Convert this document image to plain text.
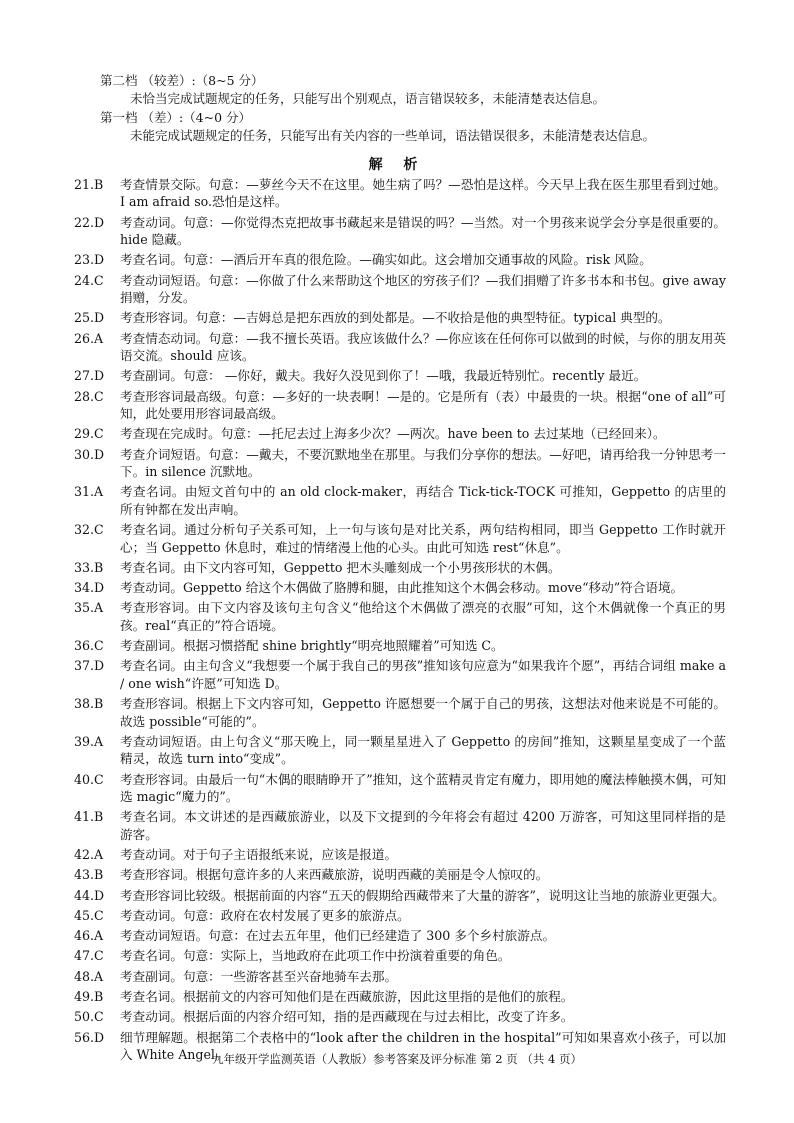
第二档 （较差）:（8~5 分）

未恰当完成试题规定的任务，只能写出个别观点，语言错误较多，未能清楚表达信息。

第一档 （差）:（4~0 分）

未能完成试题规定的任务，只能写出有关内容的一些单词，语法错误很多，未能清楚表达信息。

解 析
21.B	考查情景交际。句意：—萝丝今天不在这里。她生病了吗？—恐怕是这样。今天早上我在医生那里看到过她。I am afraid so.恐怕是这样。
22.D	考查动词。句意：—你觉得杰克把故事书藏起来是错误的吗？—当然。对一个男孩来说学会分享是很重要的。hide 隐藏。
23.D	考查名词。句意：—酒后开车真的很危险。—确实如此。这会增加交通事故的风险。risk 风险。
24.C	考查动词短语。句意：—你做了什么来帮助这个地区的穷孩子们？—我们捐赠了许多书本和书包。give away 捐赠，分发。
25.D	考查形容词。句意：—吉姆总是把东西放的到处都是。—不收拾是他的典型特征。typical 典型的。
26.A	考查情态动词。句意：—我不擅长英语。我应该做什么？—你应该在任何你可以做到的时候，与你的朋友用英语交流。should 应该。
27.D	考查副词。句意： —你好，戴夫。我好久没见到你了！—哦，我最近特别忙。recently 最近。
28.C	考查形容词最高级。句意：—多好的一块表啊！—是的。它是所有（表）中最贵的一块。根据“one of all”可知，此处要用形容词最高级。
29.C	考查现在完成时。句意：—托尼去过上海多少次？—两次。have been to 去过某地（已经回来）。
30.D	考查介词短语。句意：—戴夫，不要沉默地坐在那里。与我们分享你的想法。—好吧，请再给我一分钟思考一下。in silence 沉默地。
31.A	考查名词。由短文首句中的 an old clock-maker，再结合 Tick-tick-TOCK 可推知，Geppetto 的店里的所有钟都在发出声响。
32.C	考查名词。通过分析句子关系可知，上一句与该句是对比关系，两句结构相同，即当 Geppetto 工作时就开心；当 Geppetto 休息时，难过的情绪漫上他的心头。由此可知选 rest“休息”。
33.B	考查名词。由下文内容可知，Geppetto 把木头雕刻成一个小男孩形状的木偶。
34.D	考查动词。Geppetto 给这个木偶做了胳膊和腿，由此推知这个木偶会移动。move“移动”符合语境。
35.A	考查形容词。由下文内容及该句主句含义“他给这个木偶做了漂亮的衣服”可知，这个木偶就像一个真正的男孩。real“真正的”符合语境。
36.C	考查副词。根据习惯搭配 shine brightly“明亮地照耀着”可知选 C。
37.D	考查名词。由主句含义“我想要一个属于我自己的男孩”推知该句应意为“如果我许个愿”，再结合词组 make a / one wish“许愿”可知选 D。
38.B	考查形容词。根据上下文内容可知，Geppetto 许愿想要一个属于自己的男孩，这想法对他来说是不可能的。故选 possible“可能的”。
39.A	考查动词短语。由上句含义“那天晚上，同一颗星星进入了 Geppetto 的房间”推知，这颗星星变成了一个蓝精灵，故选 turn into“变成”。
40.C	考查形容词。由最后一句“木偶的眼睛睁开了”推知，这个蓝精灵肯定有魔力，即用她的魔法棒触摸木偶，可知选 magic“魔力的”。
41.B	考查名词。本文讲述的是西藏旅游业，以及下文提到的今年将会有超过 4200 万游客，可知这里同样指的是游客。
42.A	考查动词。对于句子主语报纸来说，应该是报道。
43.B	考查形容词。根据句意许多的人来西藏旅游，说明西藏的美丽是令人惊叹的。
44.D	考查形容词比较级。根据前面的内容“五天的假期给西藏带来了大量的游客”，说明这让当地的旅游业更强大。
45.C	考查动词。句意：政府在农村发展了更多的旅游点。
46.A	考查动词短语。句意：在过去五年里，他们已经建造了 300 多个乡村旅游点。
47.C	考查名词。句意：实际上，当地政府在此项工作中扮演着重要的角色。
48.A	考查副词。句意：一些游客甚至兴奋地骑车去那。
49.B	考查名词。根据前文的内容可知他们是在西藏旅游，因此这里指的是他们的旅程。
50.C	考查动词。根据后面的内容介绍可知，指的是西藏现在与过去相比，改变了许多。
56.D	细节理解题。根据第二个表格中的“look after the children in the hospital”可知如果喜欢小孩子，可以加入 White Angel。
九年级开学监测英语（人教版）参考答案及评分标准 第 2 页 （共 4 页）
